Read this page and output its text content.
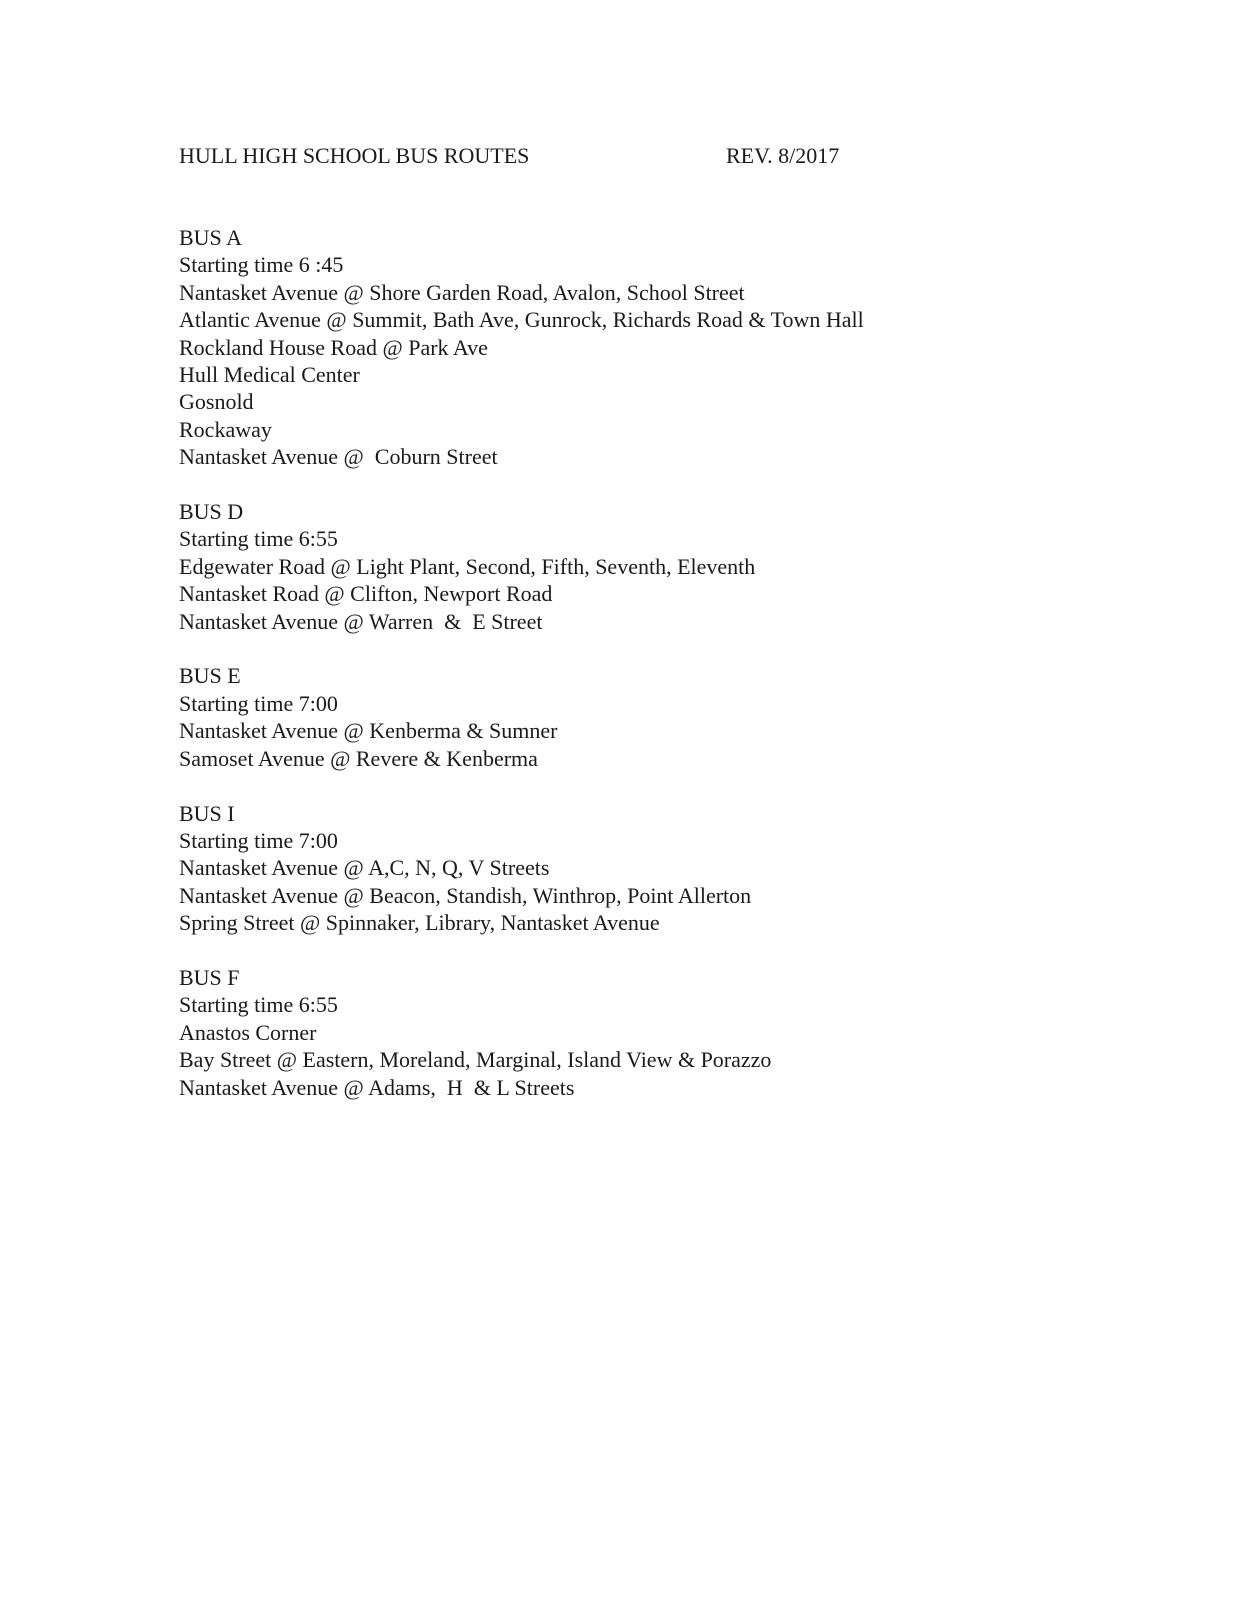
HULL HIGH SCHOOL BUS ROUTES	REV. 8/2017
BUS A
Starting time 6 :45
Nantasket Avenue @ Shore Garden Road, Avalon, School Street
Atlantic Avenue @ Summit, Bath Ave, Gunrock, Richards Road & Town Hall
Rockland House Road @ Park Ave
Hull Medical Center
Gosnold
Rockaway
Nantasket Avenue @  Coburn Street
BUS D
Starting time 6:55
Edgewater Road @ Light Plant, Second, Fifth, Seventh, Eleventh
Nantasket Road @ Clifton, Newport Road
Nantasket Avenue @ Warren  &  E Street
BUS E
Starting time 7:00
Nantasket Avenue @ Kenberma & Sumner
Samoset Avenue @ Revere & Kenberma
BUS I
Starting time 7:00
Nantasket Avenue @ A,C, N, Q, V Streets
Nantasket Avenue @ Beacon, Standish, Winthrop, Point Allerton
Spring Street @ Spinnaker, Library, Nantasket Avenue
BUS F
Starting time 6:55
Anastos Corner
Bay Street @ Eastern, Moreland, Marginal, Island View & Porazzo
Nantasket Avenue @ Adams,  H  & L Streets
